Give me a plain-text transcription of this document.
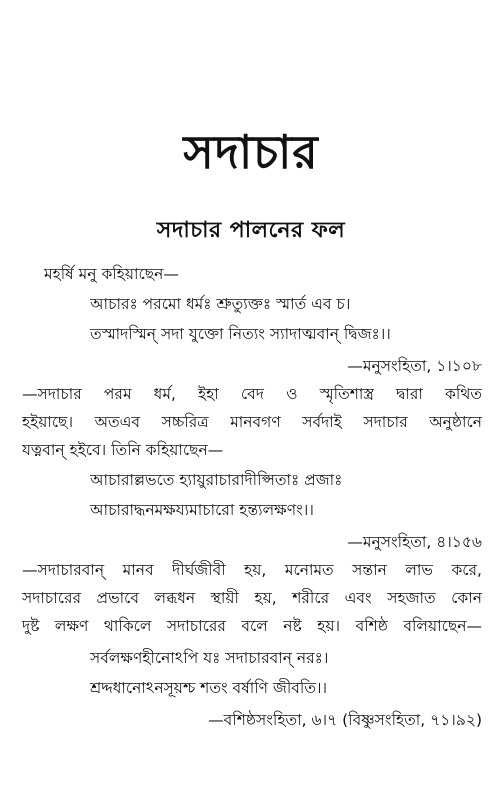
সদাচার
সদাচার পালনের ফল
মহর্ষি মনু কহিয়াছেন—
আচারঃ পরমো ধর্মঃ শ্রুত্যুক্তঃ স্মার্ত এব চ।
তস্মাদস্মিন্ সদা যুক্তো নিত্যং স্যাদাত্মবান্ দ্বিজঃ।।
—মনুসংহিতা, ১।১০৮
—সদাচার পরম ধর্ম, ইহা বেদ ও স্মৃতিশাস্ত্র দ্বারা কথিত
হইয়াছে। অতএব সচ্চরিত্র মানবগণ সর্বদাই সদাচার অনুষ্ঠানে
যত্নবান্ হইবে। তিনি কহিয়াছেন—
আচারাল্লভতে হ্যায়ুরাচারাদীপ্সিতাঃ প্রজাঃ
আচারাদ্ধনমক্ষয্যমাচারো হন্ত্যলক্ষণং।।
—মনুসংহিতা, ৪।১৫৬
—সদাচারবান্ মানব দীর্ঘজীবী হয়, মনোমত সন্তান লাভ করে,
সদাচারের প্রভাবে লব্ধধন স্থায়ী হয়, শরীরে এবং সহজাত কোন
দুষ্ট লক্ষণ থাকিলে সদাচারের বলে নষ্ট হয়। বশিষ্ঠ বলিয়াছেন—
সর্বলক্ষণহীনোঽপি যঃ সদাচারবান্ নরঃ।
শ্রদ্দধানোঽনসূয়শ্চ শতং বর্ষাণি জীবতি।।
—বশিষ্ঠসংহিতা, ৬।৭ (বিষ্ণুসংহিতা, ৭১।৯২)
